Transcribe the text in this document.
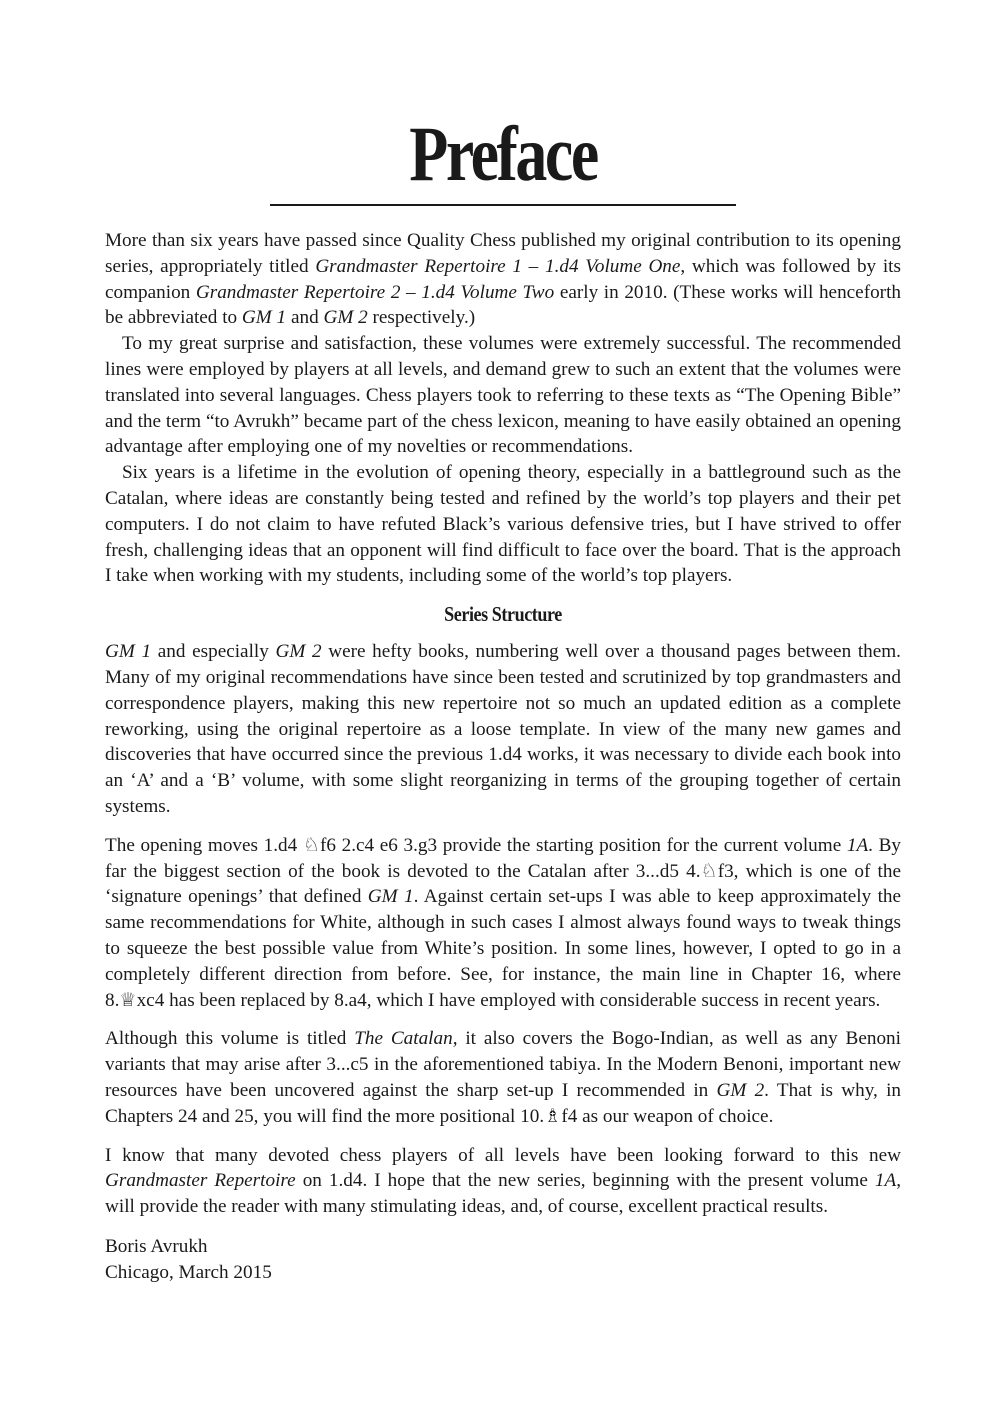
Preface

More than six years have passed since Quality Chess published my original contribution to its opening series, appropriately titled Grandmaster Repertoire 1 – 1.d4 Volume One, which was followed by its companion Grandmaster Repertoire 2 – 1.d4 Volume Two early in 2010. (These works will henceforth be abbreviated to GM 1 and GM 2 respectively.)

To my great surprise and satisfaction, these volumes were extremely successful. The recommended lines were employed by players at all levels, and demand grew to such an extent that the volumes were translated into several languages. Chess players took to referring to these texts as “The Opening Bible” and the term “to Avrukh” became part of the chess lexicon, meaning to have easily obtained an opening advantage after employing one of my novelties or recommendations.

Six years is a lifetime in the evolution of opening theory, especially in a battleground such as the Catalan, where ideas are constantly being tested and refined by the world’s top players and their pet computers. I do not claim to have refuted Black’s various defensive tries, but I have strived to offer fresh, challenging ideas that an opponent will find difficult to face over the board. That is the approach I take when working with my students, including some of the world’s top players.

Series Structure

GM 1 and especially GM 2 were hefty books, numbering well over a thousand pages between them. Many of my original recommendations have since been tested and scrutinized by top grandmasters and correspondence players, making this new repertoire not so much an updated edition as a complete reworking, using the original repertoire as a loose template. In view of the many new games and discoveries that have occurred since the previous 1.d4 works, it was necessary to divide each book into an ‘A’ and a ‘B’ volume, with some slight reorganizing in terms of the grouping together of certain systems.

The opening moves 1.d4 ♘f6 2.c4 e6 3.g3 provide the starting position for the current volume 1A. By far the biggest section of the book is devoted to the Catalan after 3...d5 4.♘f3, which is one of the ‘signature openings’ that defined GM 1. Against certain set-ups I was able to keep approximately the same recommendations for White, although in such cases I almost always found ways to tweak things to squeeze the best possible value from White’s position. In some lines, however, I opted to go in a completely different direction from before. See, for instance, the main line in Chapter 16, where 8.♕xc4 has been replaced by 8.a4, which I have employed with considerable success in recent years.

Although this volume is titled The Catalan, it also covers the Bogo-Indian, as well as any Benoni variants that may arise after 3...c5 in the aforementioned tabiya. In the Modern Benoni, important new resources have been uncovered against the sharp set-up I recommended in GM 2. That is why, in Chapters 24 and 25, you will find the more positional 10.♗f4 as our weapon of choice.

I know that many devoted chess players of all levels have been looking forward to this new Grandmaster Repertoire on 1.d4. I hope that the new series, beginning with the present volume 1A, will provide the reader with many stimulating ideas, and, of course, excellent practical results.

Boris Avrukh
Chicago, March 2015
